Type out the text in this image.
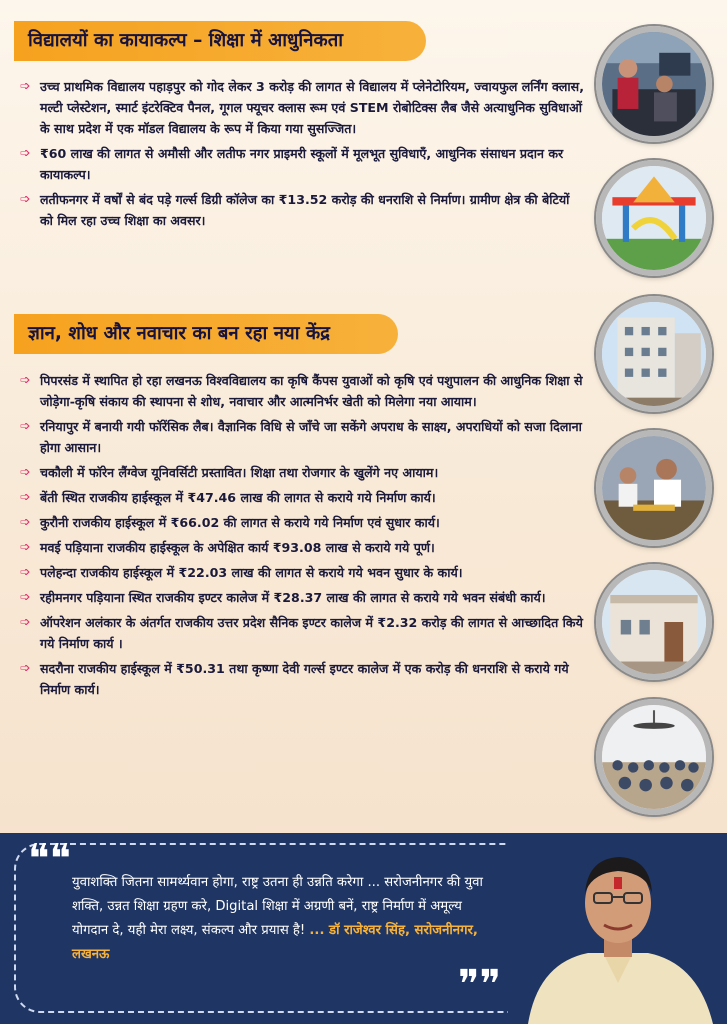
विद्यालयों का कायाकल्प – शिक्षा में आधुनिकता
➩ उच्च प्राथमिक विद्यालय पहाड़पुर को गोद लेकर 3 करोड़ की लागत से विद्यालय में प्लेनेटोरियम, ज्वायफुल लर्निंग क्लास, मल्टी प्लेस्टेशन, स्मार्ट इंटरेक्टिव पैनल, गूगल फ्यूचर क्लास रूम एवं STEM रोबोटिक्स लैब जैसे अत्याधुनिक सुविधाओं के साथ प्रदेश में एक मॉडल विद्यालय के रूप में किया गया सुसज्जित।
➩ ₹60 लाख की लागत से अमौसी और लतीफ नगर प्राइमरी स्कूलों में मूलभूत सुविधाएँ, आधुनिक संसाधन प्रदान कर कायाकल्प।
➩ लतीफनगर में वर्षों से बंद पड़े गर्ल्स डिग्री कॉलेज का ₹13.52 करोड़ की धनराशि से निर्माण। ग्रामीण क्षेत्र की बेटियों को मिल रहा उच्च शिक्षा का अवसर।
ज्ञान, शोध और नवाचार का बन रहा नया केंद्र
➩ पिपरसंड में स्थापित हो रहा लखनऊ विश्वविद्यालय का कृषि कैंपस युवाओं को कृषि एवं पशुपालन की आधुनिक शिक्षा से जोड़ेगा-कृषि संकाय की स्थापना से शोध, नवाचार और आत्मनिर्भर खेती को मिलेगा नया आयाम।
➩ रनियापुर में बनायी गयी फॉरेंसिक लैब। वैज्ञानिक विधि से जाँचे जा सकेंगे अपराध के साक्ष्य, अपराधियों को सजा दिलाना होगा आसान।
➩ चकौली में फॉरेन लैंग्वेज यूनिवर्सिटी प्रस्तावित। शिक्षा तथा रोजगार के खुलेंगे नए आयाम।
➩ बेंती स्थित राजकीय हाईस्कूल में ₹47.46 लाख की लागत से कराये गये निर्माण कार्य।
➩ कुरौनी राजकीय हाईस्कूल में ₹66.02 की लागत से कराये गये निर्माण एवं सुधार कार्य।
➩ मवई पड़ियाना राजकीय हाईस्कूल के अपेक्षित कार्य ₹93.08 लाख से कराये गये पूर्ण।
➩ पलेहन्दा राजकीय हाईस्कूल में ₹22.03 लाख की लागत से कराये गये भवन सुधार के कार्य।
➩ रहीमनगर पड़ियाना स्थित राजकीय इण्टर कालेज में ₹28.37 लाख की लागत से कराये गये भवन संबंधी कार्य।
➩ ऑपरेशन अलंकार के अंतर्गत राजकीय उत्तर प्रदेश सैनिक इण्टर कालेज में ₹2.32 करोड़ की लागत से आच्छादित किये गये निर्माण कार्य ।
➩ सदरौना राजकीय हाईस्कूल में ₹50.31 तथा कृष्णा देवी गर्ल्स इण्टर कालेज में एक करोड़ की धनराशि से कराये गये निर्माण कार्य।
❝❝
❞❞
युवाशक्ति जितना सामर्थ्यवान होगा, राष्ट्र उतना ही उन्नति करेगा ... सरोजनीनगर की युवा शक्ति, उन्नत शिक्षा ग्रहण करे, Digital शिक्षा में अग्रणी बनें, राष्ट्र निर्माण में अमूल्य योगदान दे, यही मेरा लक्ष्य, संकल्प और प्रयास है! ... डॉ राजेश्वर सिंह, सरोजनीनगर, लखनऊ
